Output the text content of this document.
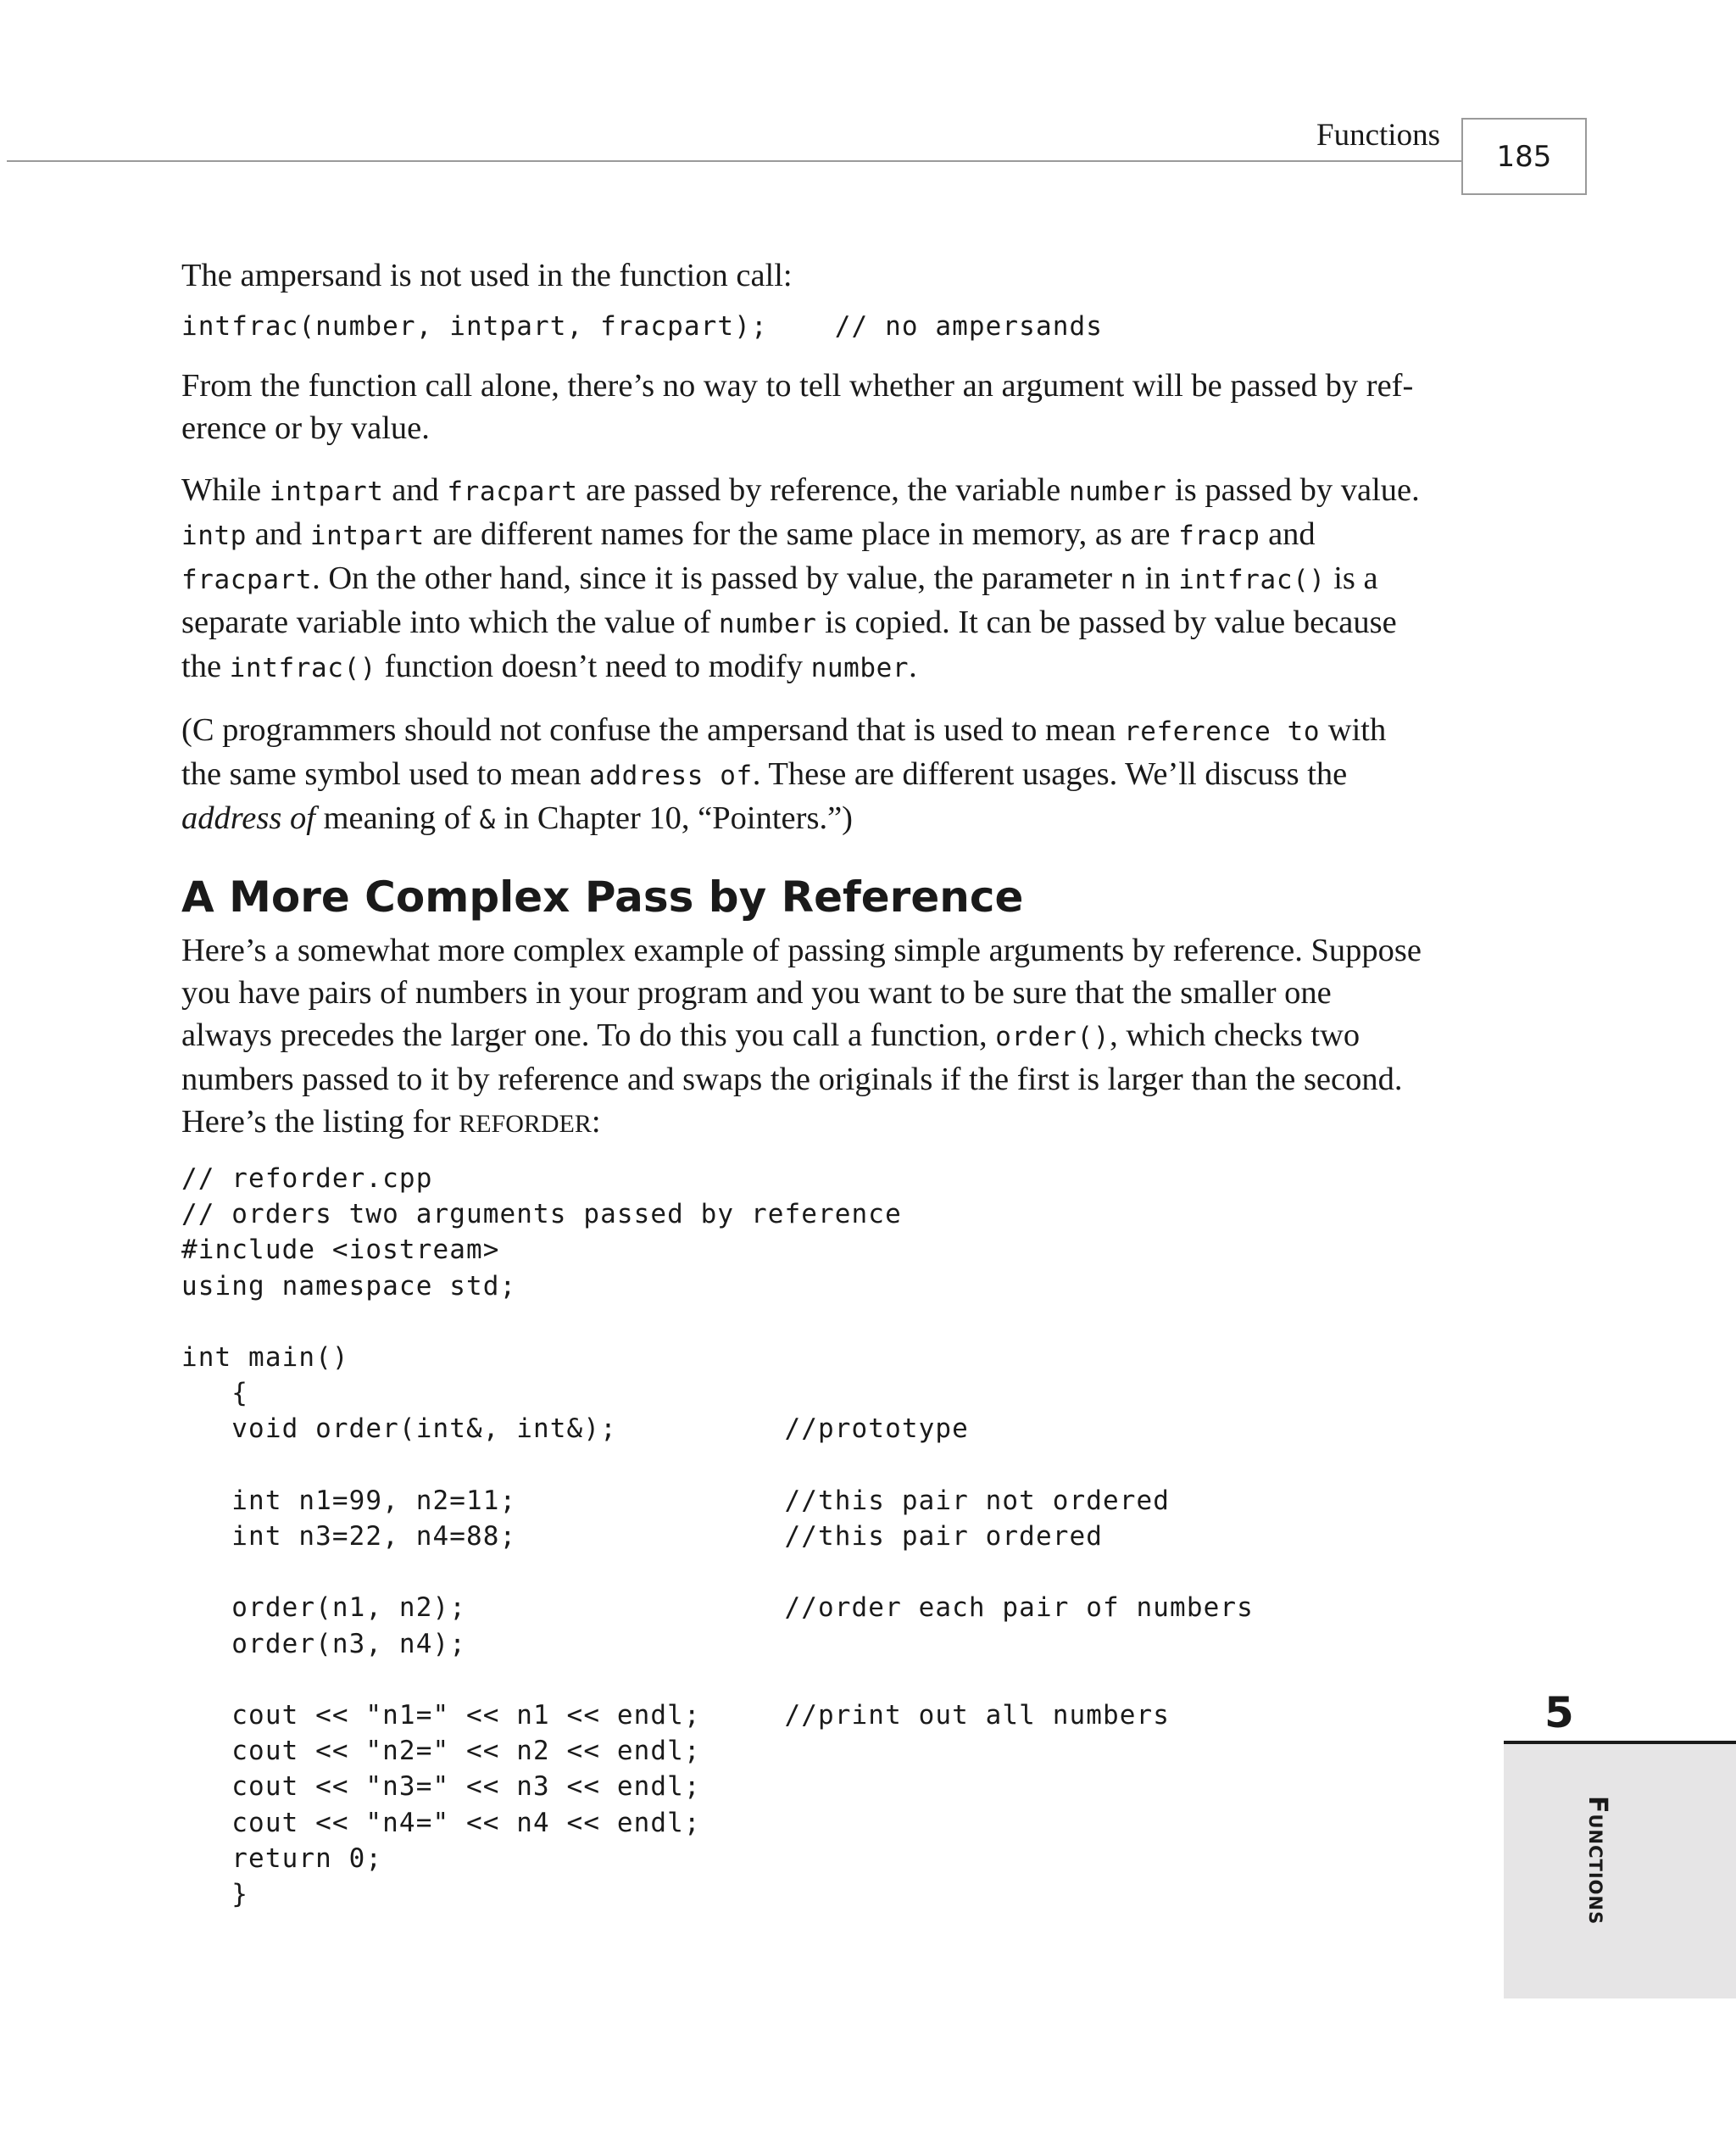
Functions
185

The ampersand is not used in the function call:

intfrac(number, intpart, fracpart);    // no ampersands

From the function call alone, there’s no way to tell whether an argument will be passed by ref-
erence or by value.

While intpart and fracpart are passed by reference, the variable number is passed by value.
intp and intpart are different names for the same place in memory, as are fracp and
fracpart. On the other hand, since it is passed by value, the parameter n in intfrac() is a
separate variable into which the value of number is copied. It can be passed by value because
the intfrac() function doesn’t need to modify number.

(C programmers should not confuse the ampersand that is used to mean reference to with
the same symbol used to mean address of. These are different usages. We’ll discuss the
address of meaning of & in Chapter 10, “Pointers.”)

A More Complex Pass by Reference

Here’s a somewhat more complex example of passing simple arguments by reference. Suppose
you have pairs of numbers in your program and you want to be sure that the smaller one
always precedes the larger one. To do this you call a function, order(), which checks two
numbers passed to it by reference and swaps the originals if the first is larger than the second.
Here’s the listing for REFORDER:

// reforder.cpp
// orders two arguments passed by reference
#include <iostream>
using namespace std;

int main()
{
void order(int&, int&);          //prototype

int n1=99, n2=11;                //this pair not ordered
int n3=22, n4=88;                //this pair ordered

order(n1, n2);                   //order each pair of numbers
order(n3, n4);

cout << "n1=" << n1 << endl;     //print out all numbers
cout << "n2=" << n2 << endl;
cout << "n3=" << n3 << endl;
cout << "n4=" << n4 << endl;
return 0;
}
5
Functions
